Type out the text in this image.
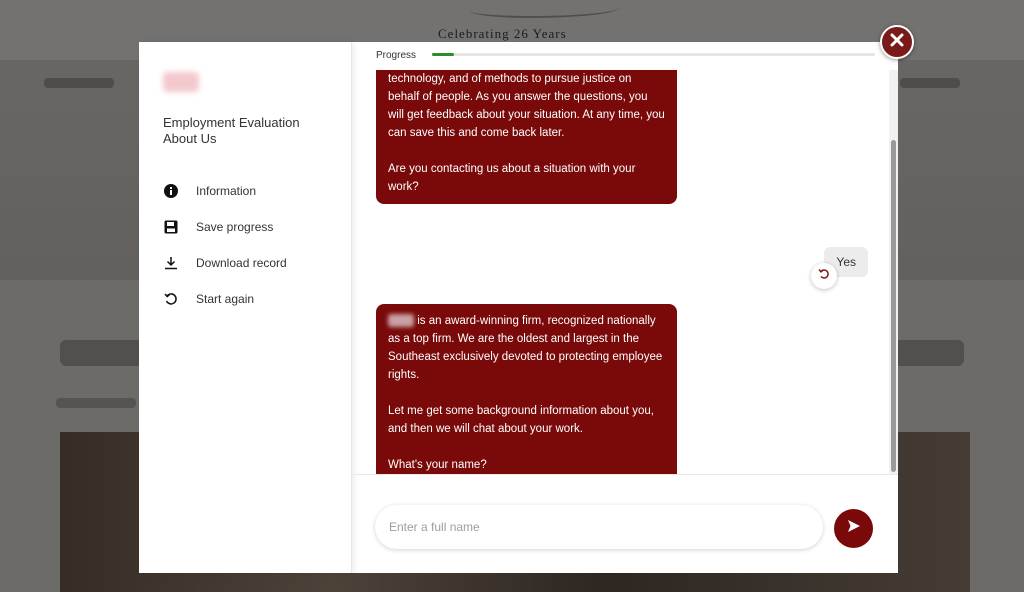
Employment Evaluation
About Us
Information
Save progress
Download record
Start again
Progress

technology, and of methods to pursue justice on behalf of people. As you answer the questions, you will get feedback about your situation. At any time, you can save this and come back later.

Are you contacting us about a situation with your work?

Yes

is an award-winning firm, recognized nationally as a top firm. We are the oldest and largest in the Southeast exclusively devoted to protecting employee rights.

Let me get some background information about you, and then we will chat about your work.

What's your name?

Enter a full name
